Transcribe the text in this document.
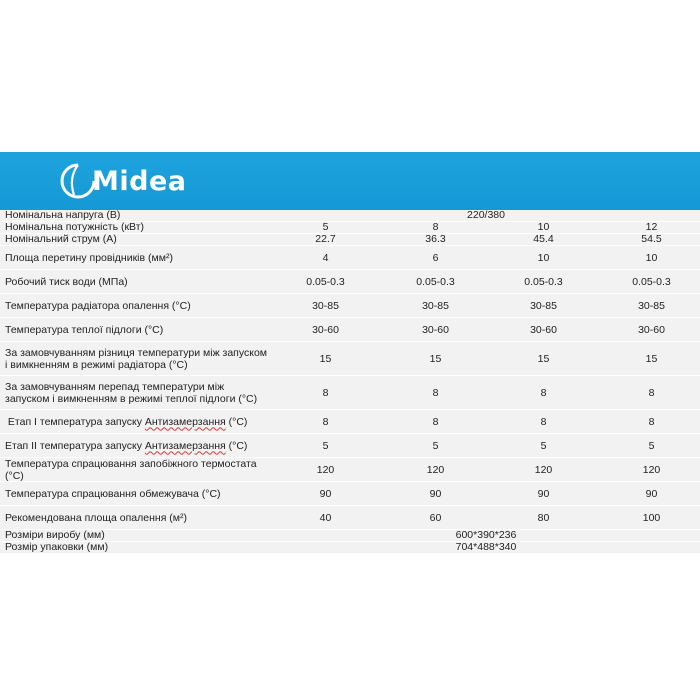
Midea
Номінальна напруга (В)	220/380
Номінальна потужність (кВт)	5	8	10	12
Номінальний струм (А)	22.7	36.3	45.4	54.5
Площа перетину провідників (мм²)	4	6	10	10
Робочий тиск води (МПа)	0.05-0.3	0.05-0.3	0.05-0.3	0.05-0.3
Температура радіатора опалення (°С)	30-85	30-85	30-85	30-85
Температура теплої підлоги (°С)	30-60	30-60	30-60	30-60
За замовчуванням різниця температури між запуском і вимкненням в режимі радіатора (°С)	15	15	15	15
За замовчуванням перепад температури між запуском і вимкненням в режимі теплої підлоги (°С)	8	8	8	8
Етап I температура запуску Антизамерзання (°С)	8	8	8	8
Етап II температура запуску Антизамерзання (°С)	5	5	5	5
Температура спрацювання запобіжного термостата (°С)	120	120	120	120
Температура спрацювання обмежувача (°С)	90	90	90	90
Рекомендована площа опалення (м²)	40	60	80	100
Розміри виробу (мм)	600*390*236
Розмір упаковки (мм)	704*488*340
